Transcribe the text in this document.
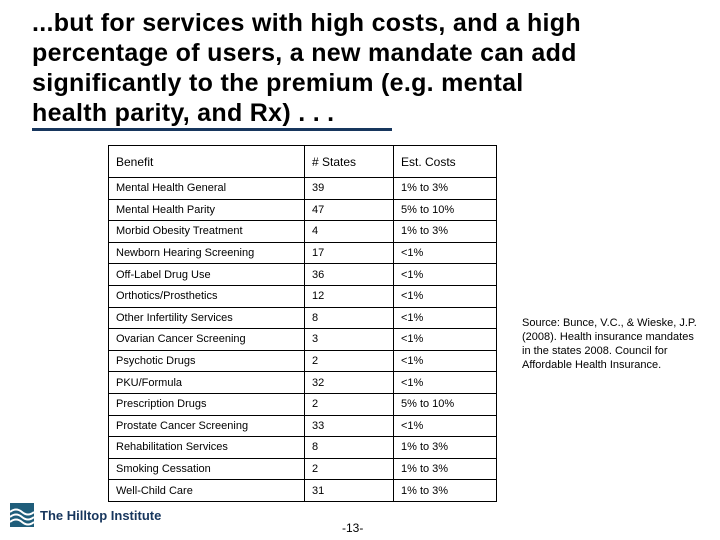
...but for services with high costs, and a high
percentage of users, a new mandate can add
significantly to the premium (e.g. mental
health parity, and Rx) . . .
Benefit	# States	Est. Costs
Mental Health General	39	1% to 3%
Mental Health Parity	47	5% to 10%
Morbid Obesity Treatment	4	1% to 3%
Newborn Hearing Screening	17	<1%
Off-Label Drug Use	36	<1%
Orthotics/Prosthetics	12	<1%
Other Infertility Services	8	<1%
Ovarian Cancer Screening	3	<1%
Psychotic Drugs	2	<1%
PKU/Formula	32	<1%
Prescription Drugs	2	5% to 10%
Prostate Cancer Screening	33	<1%
Rehabilitation Services	8	1% to 3%
Smoking Cessation	2	1% to 3%
Well-Child Care	31	1% to 3%
Source: Bunce, V.C., & Wieske, J.P. (2008). Health insurance mandates in the states 2008. Council for Affordable Health Insurance.
The Hilltop Institute
-13-
